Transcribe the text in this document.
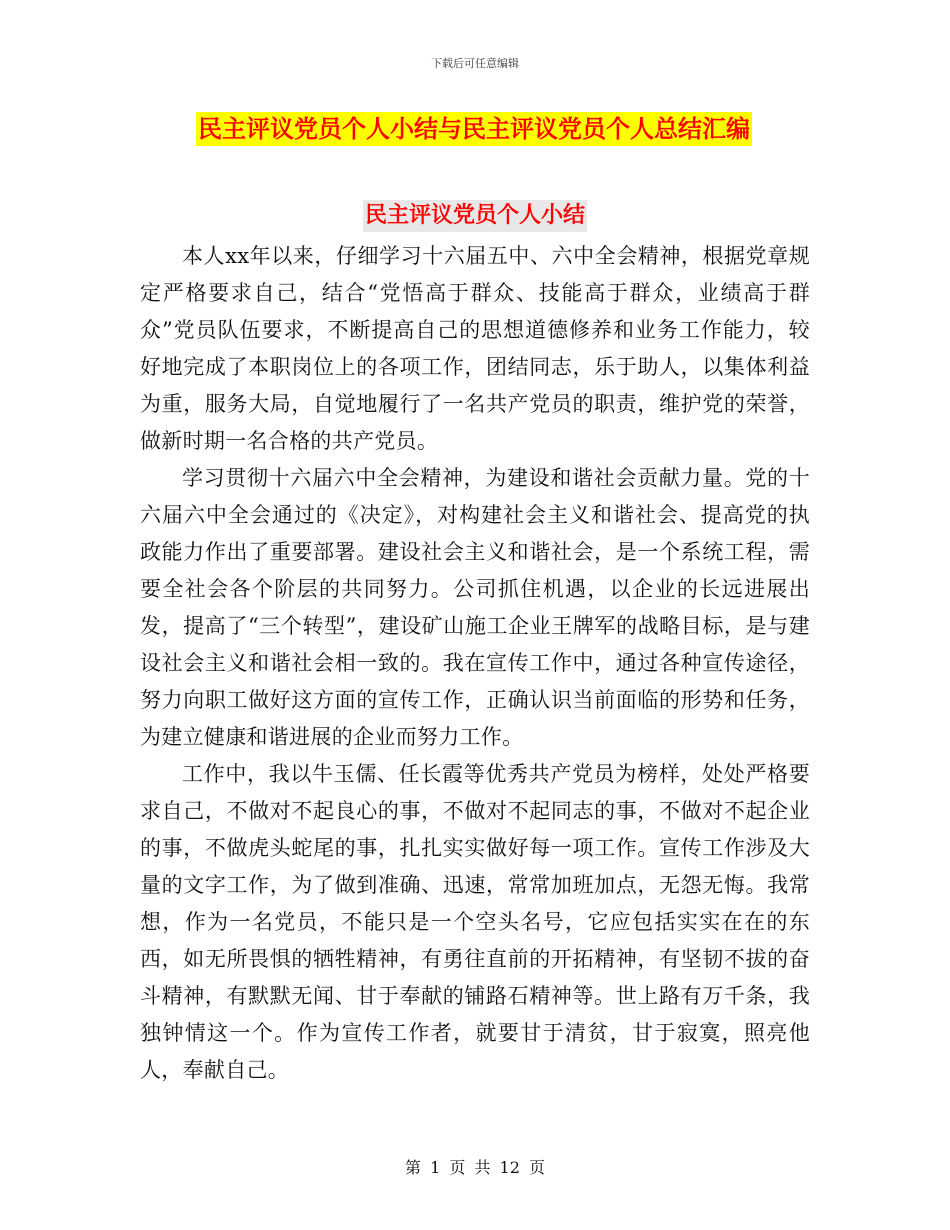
下载后可任意编辑
民主评议党员个人小结与民主评议党员个人总结汇编
民主评议党员个人小结

本人xx年以来，仔细学习十六届五中、六中全会精神，根据党章规定严格要求自己，结合“党悟高于群众、技能高于群众，业绩高于群众”党员队伍要求，不断提高自己的思想道德修养和业务工作能力，较好地完成了本职岗位上的各项工作，团结同志，乐于助人，以集体利益为重，服务大局，自觉地履行了一名共产党员的职责，维护党的荣誉，做新时期一名合格的共产党员。

学习贯彻十六届六中全会精神，为建设和谐社会贡献力量。党的十六届六中全会通过的《决定》，对构建社会主义和谐社会、提高党的执政能力作出了重要部署。建设社会主义和谐社会，是一个系统工程，需要全社会各个阶层的共同努力。公司抓住机遇，以企业的长远进展出发，提高了“三个转型”，建设矿山施工企业王牌军的战略目标，是与建设社会主义和谐社会相一致的。我在宣传工作中，通过各种宣传途径，努力向职工做好这方面的宣传工作，正确认识当前面临的形势和任务，为建立健康和谐进展的企业而努力工作。

工作中，我以牛玉儒、任长霞等优秀共产党员为榜样，处处严格要求自己，不做对不起良心的事，不做对不起同志的事，不做对不起企业的事，不做虎头蛇尾的事，扎扎实实做好每一项工作。宣传工作涉及大量的文字工作，为了做到准确、迅速，常常加班加点，无怨无悔。我常想，作为一名党员，不能只是一个空头名号，它应包括实实在在的东西，如无所畏惧的牺牲精神，有勇往直前的开拓精神，有坚韧不拔的奋斗精神，有默默无闻、甘于奉献的铺路石精神等。世上路有万千条，我独钟情这一个。作为宣传工作者，就要甘于清贫，甘于寂寞，照亮他人，奉献自己。

第 1 页 共 12 页
